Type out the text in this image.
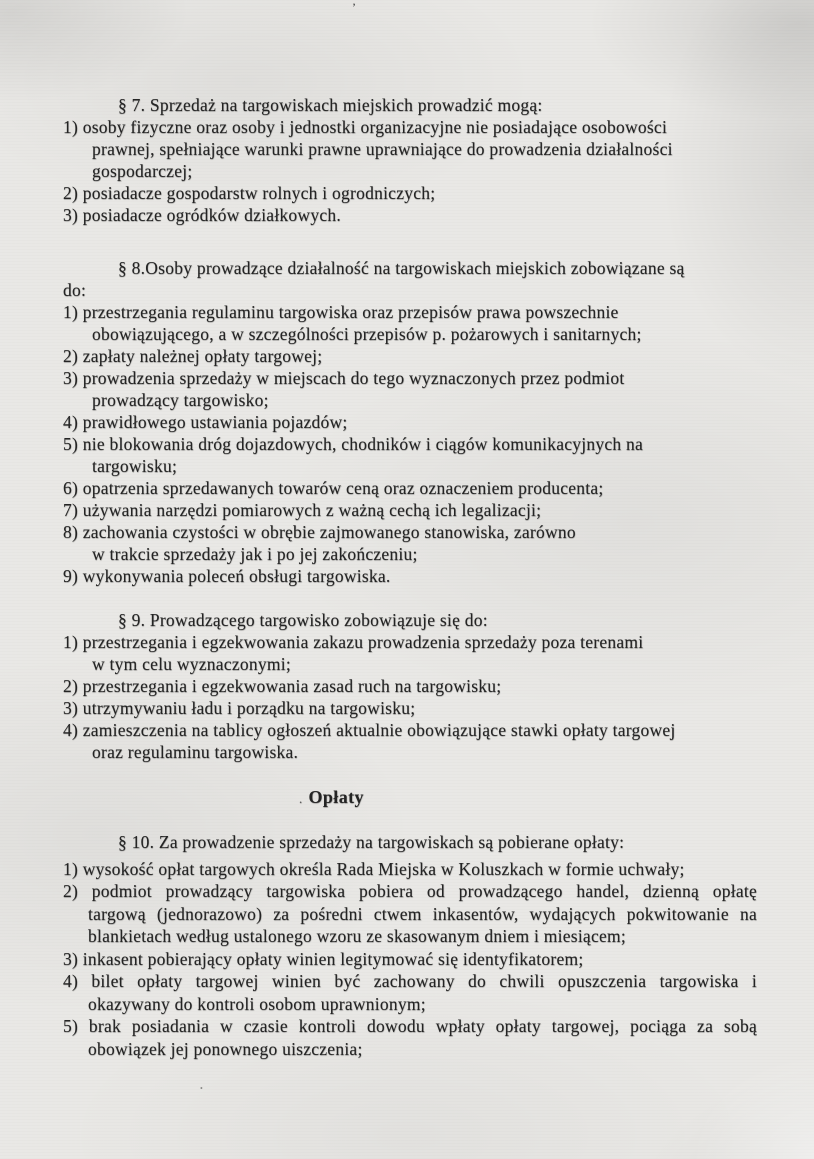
’
§ 7. Sprzedaż na targowiskach miejskich prowadzić mogą:
1) osoby fizyczne oraz osoby i jednostki organizacyjne nie posiadające osobowości
prawnej, spełniające warunki prawne uprawniające do prowadzenia działalności
gospodarczej;
2) posiadacze gospodarstw rolnych i ogrodniczych;
3) posiadacze ogródków działkowych.
§ 8.Osoby prowadzące działalność na targowiskach miejskich zobowiązane są
do:
1) przestrzegania regulaminu targowiska oraz przepisów prawa powszechnie
obowiązującego, a w szczególności przepisów p. pożarowych i sanitarnych;
2) zapłaty należnej opłaty targowej;
3) prowadzenia sprzedaży w miejscach do tego wyznaczonych przez podmiot
prowadzący targowisko;
4) prawidłowego ustawiania pojazdów;
5) nie blokowania dróg dojazdowych, chodników i ciągów komunikacyjnych na
targowisku;
6) opatrzenia sprzedawanych towarów ceną oraz oznaczeniem producenta;
7) używania narzędzi pomiarowych z ważną cechą ich legalizacji;
8) zachowania czystości w obrębie zajmowanego stanowiska, zarówno
w trakcie sprzedaży jak i po jej zakończeniu;
9) wykonywania poleceń obsługi targowiska.
§ 9. Prowadzącego targowisko zobowiązuje się do:
1) przestrzegania i egzekwowania zakazu prowadzenia sprzedaży poza terenami
w tym celu wyznaczonymi;
2) przestrzegania i egzekwowania zasad ruch na targowisku;
3) utrzymywaniu ładu i porządku na targowisku;
4) zamieszczenia na tablicy ogłoszeń aktualnie obowiązujące stawki opłaty targowej
oraz regulaminu targowiska.
. Opłaty
§ 10. Za prowadzenie sprzedaży na targowiskach są pobierane opłaty:
1) wysokość opłat targowych określa Rada Miejska w Koluszkach w formie uchwały;
2) podmiot prowadzący targowiska pobiera od prowadzącego handel, dzienną opłatę
targową (jednorazowo) za pośredni ctwem inkasentów, wydających pokwitowanie na
blankietach według ustalonego wzoru ze skasowanym dniem i miesiącem;
3) inkasent pobierający opłaty winien legitymować się identyfikatorem;
4) bilet opłaty targowej winien być zachowany do chwili opuszczenia targowiska i
okazywany do kontroli osobom uprawnionym;
5) brak posiadania w czasie kontroli dowodu wpłaty opłaty targowej, pociąga za sobą
obowiązek jej ponownego uiszczenia;
•
